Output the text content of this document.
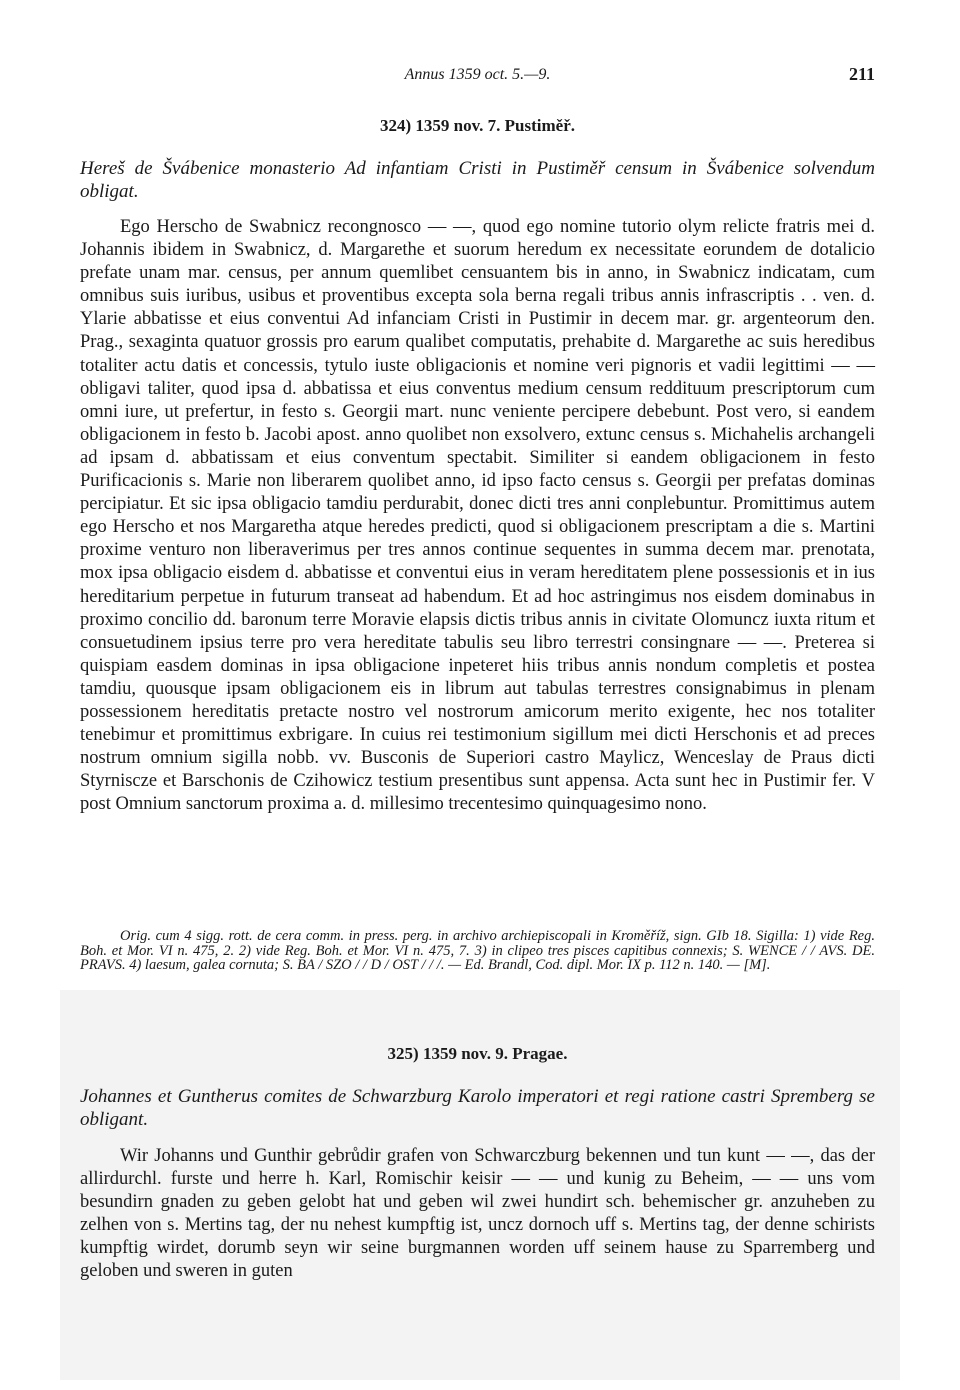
Annus 1359 oct. 5.—9.	211
324) 1359 nov. 7. Pustiměř.
Hereš de Švábenice monasterio Ad infantiam Cristi in Pustiměř censum in Švábenice solvendum obligat.

Ego Herscho de Swabnicz recongnosco — —, quod ego nomine tutorio olym relicte fratris mei d. Johannis ibidem in Swabnicz, d. Margarethe et suorum heredum ex necessitate eorundem de dotalicio prefate unam mar. census, per annum quemlibet censuantem bis in anno, in Swabnicz indicatam, cum omnibus suis iuribus, usibus et proventibus excepta sola berna regali tribus annis infrascriptis . . ven. d. Ylarie abbatisse et eius conventui Ad infanciam Cristi in Pustimir in decem mar. gr. argenteorum den. Prag., sexaginta quatuor grossis pro earum qualibet computatis, prehabite d. Margarethe ac suis heredibus totaliter actu datis et concessis, tytulo iuste obligacionis et nomine veri pignoris et vadii legittimi — — obligavi taliter, quod ipsa d. abbatissa et eius conventus medium censum reddituum prescriptorum cum omni iure, ut prefertur, in festo s. Georgii mart. nunc veniente percipere debebunt. Post vero, si eandem obligacionem in festo b. Jacobi apost. anno quolibet non exsolvero, extunc census s. Michahelis archangeli ad ipsam d. abbatissam et eius conventum spectabit. Similiter si eandem obligacionem in festo Purificacionis s. Marie non liberarem quolibet anno, id ipso facto census s. Georgii per prefatas dominas percipiatur. Et sic ipsa obligacio tamdiu perdurabit, donec dicti tres anni conplebuntur. Promittimus autem ego Herscho et nos Margaretha atque heredes predicti, quod si obligacionem prescriptam a die s. Martini proxime venturo non liberaverimus per tres annos continue sequentes in summa decem mar. prenotata, mox ipsa obligacio eisdem d. abbatisse et conventui eius in veram hereditatem plene possessionis et in ius hereditarium perpetue in futurum transeat ad habendum. Et ad hoc astringimus nos eisdem dominabus in proximo concilio dd. baronum terre Moravie elapsis dictis tribus annis in civitate Olomuncz iuxta ritum et consuetudinem ipsius terre pro vera hereditate tabulis seu libro terrestri consingnare — —. Preterea si quispiam easdem dominas in ipsa obligacione inpeteret hiis tribus annis nondum completis et postea tamdiu, quousque ipsam obligacionem eis in librum aut tabulas terrestres consignabimus in plenam possessionem hereditatis pretacte nostro vel nostrorum amicorum merito exigente, hec nos totaliter tenebimur et promittimus exbrigare. In cuius rei testimonium sigillum mei dicti Herschonis et ad preces nostrum omnium sigilla nobb. vv. Busconis de Superiori castro Maylicz, Wenceslay de Praus dicti Styrniscze et Barschonis de Czihowicz testium presentibus sunt appensa. Acta sunt hec in Pustimir fer. V post Omnium sanctorum proxima a. d. millesimo trecentesimo quinquagesimo nono.

Orig. cum 4 sigg. rott. de cera comm. in press. perg. in archivo archiepiscopali in Kroměříž, sign. GIb 18. Sigilla: 1) vide Reg. Boh. et Mor. VI n. 475, 2. 2) vide Reg. Boh. et Mor. VI n. 475, 7. 3) in clipeo tres pisces capitibus connexis; S. WENCE / / AVS. DE. PRAVS. 4) laesum, galea cornuta; S. BA / SZO / / D / OST / / /. — Ed. Brandl, Cod. dipl. Mor. IX p. 112 n. 140. — [M].

325) 1359 nov. 9. Pragae.
Johannes et Guntherus comites de Schwarzburg Karolo imperatori et regi ratione castri Spremberg se obligant.

Wir Johanns und Gunthir gebrůdir grafen von Schwarczburg bekennen und tun kunt — —, das der allirdurchl. furste und herre h. Karl, Romischir keisir — — und kunig zu Beheim, — — uns vom besundirn gnaden zu geben gelobt hat und geben wil zwei hundirt sch. behemischer gr. anzuheben zu zelhen von s. Mertins tag, der nu nehest kumpftig ist, uncz dornoch uff s. Mertins tag, der denne schirists kumpftig wirdet, dorumb seyn wir seine burgmannen worden uff seinem hause zu Sparremberg und geloben und sweren in guten
